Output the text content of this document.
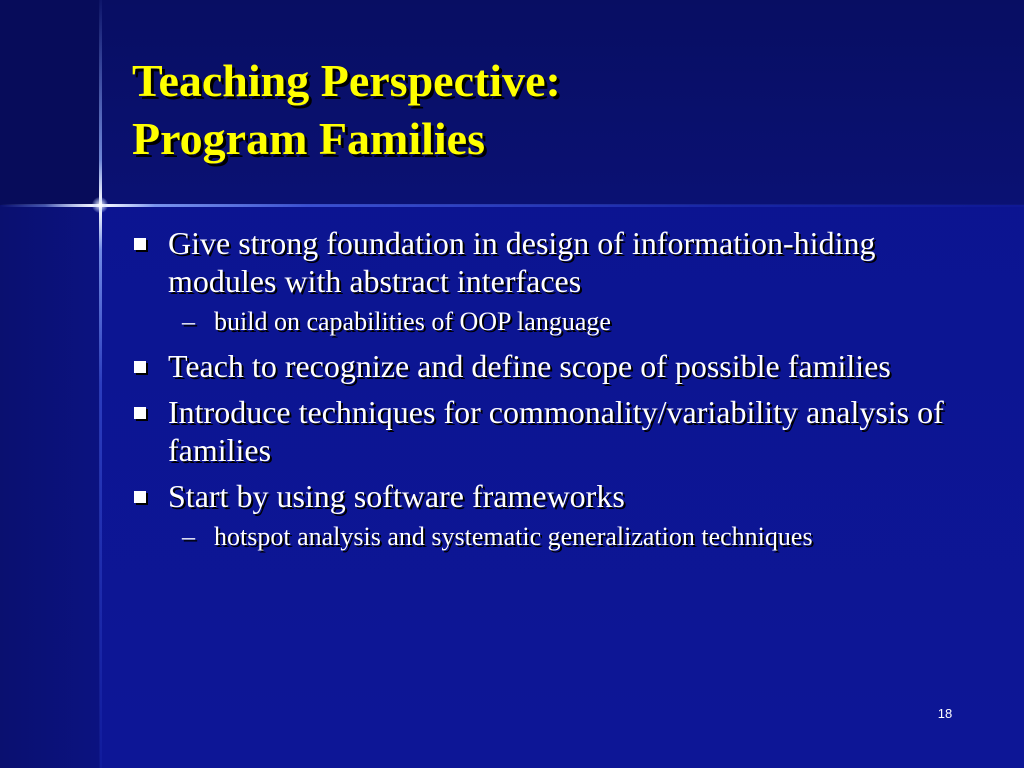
Teaching Perspective:
Program Families
Give strong foundation in design of information-hiding modules with abstract interfaces
– build on capabilities of OOP language
Teach to recognize and define scope of possible families
Introduce techniques for commonality/variability analysis of families
Start by using software frameworks
– hotspot analysis and systematic generalization techniques
18
